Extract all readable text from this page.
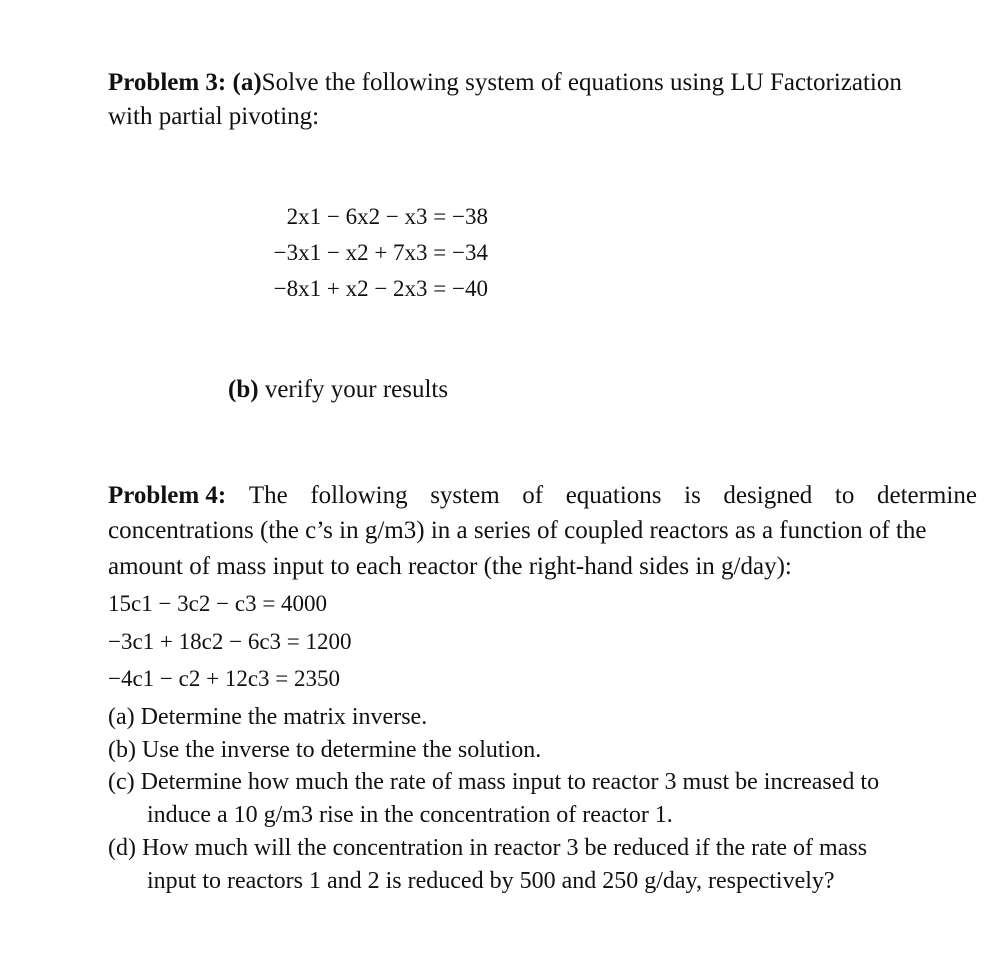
Problem 3: (a)Solve the following system of equations using LU Factorization
with partial pivoting:
2x1 − 6x2 − x3 = −38
−3x1 − x2 + 7x3 = −34
−8x1 + x2 − 2x3 = −40
(b) verify your results
Problem 4: The following system of equations is designed to determine
concentrations (the c’s in g/m3) in a series of coupled reactors as a function of the
amount of mass input to each reactor (the right-hand sides in g/day):
15c1 − 3c2 − c3 = 4000
−3c1 + 18c2 − 6c3 = 1200
−4c1 − c2 + 12c3 = 2350
(a) Determine the matrix inverse.
(b) Use the inverse to determine the solution.
(c) Determine how much the rate of mass input to reactor 3 must be increased to
induce a 10 g/m3 rise in the concentration of reactor 1.
(d) How much will the concentration in reactor 3 be reduced if the rate of mass
input to reactors 1 and 2 is reduced by 500 and 250 g/day, respectively?
